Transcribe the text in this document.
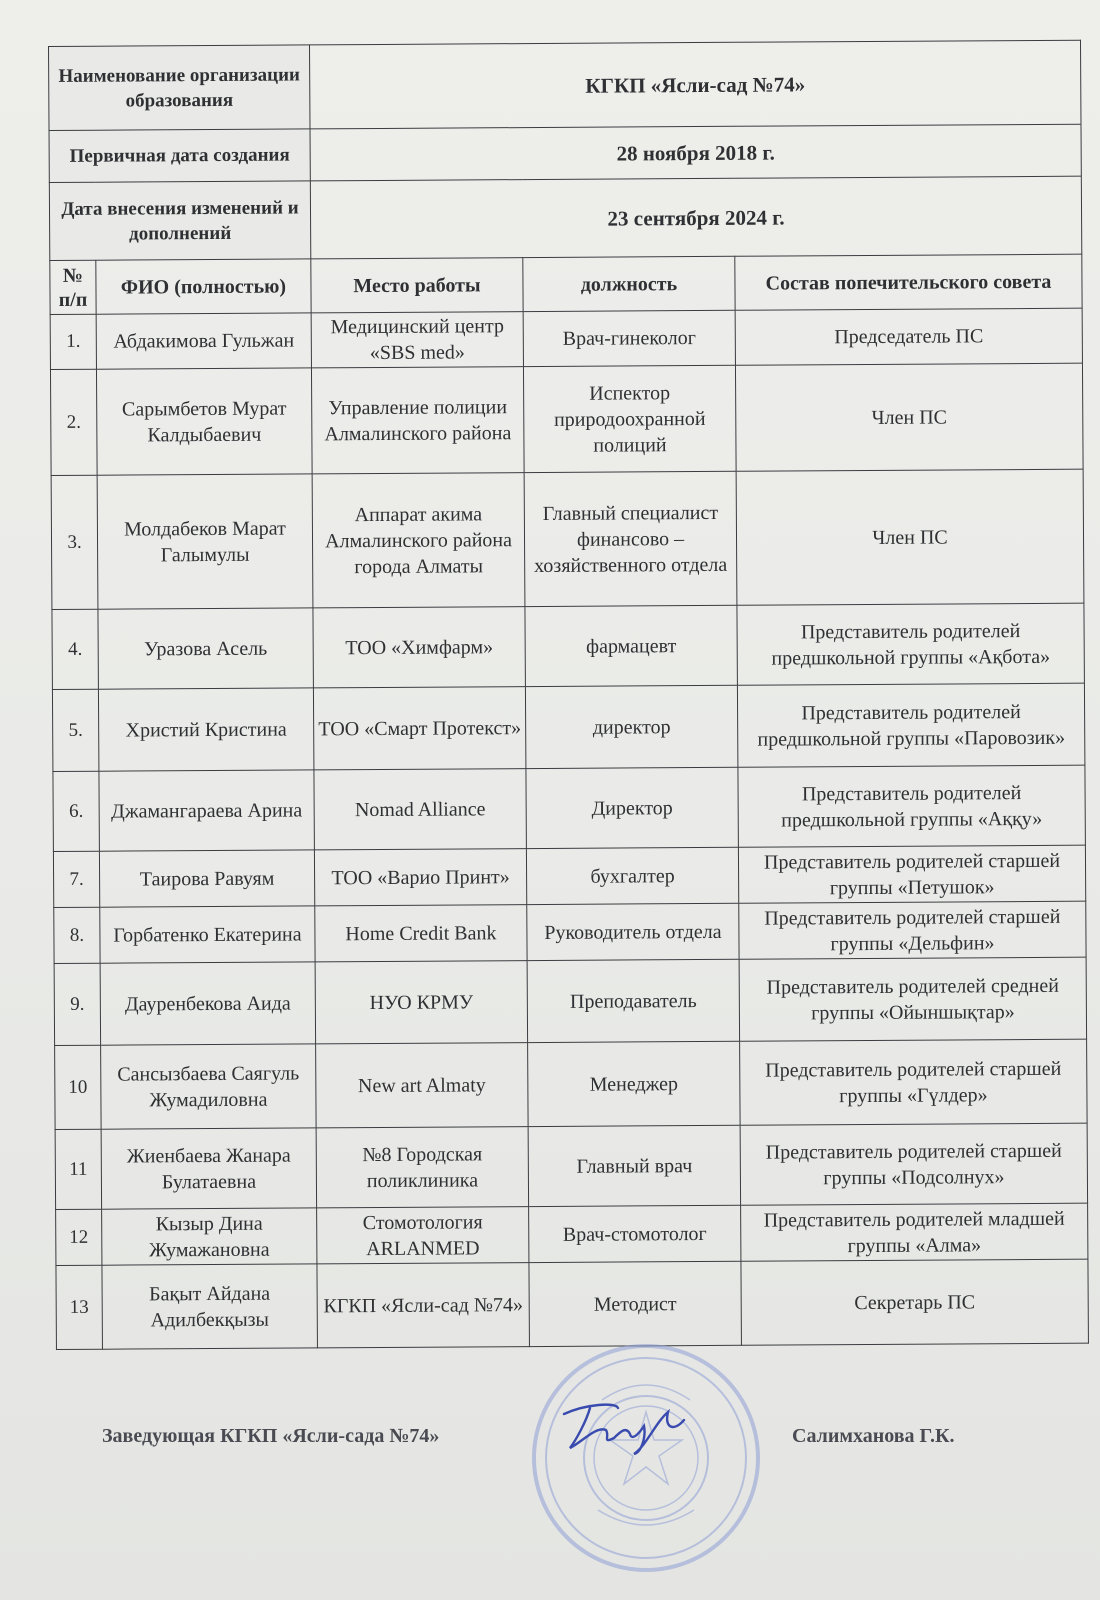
Наименование организации образования		КГКП «Ясли-сад №74»		
Первичная дата создания		28 ноября 2018 г.		
Дата внесения изменений и дополнений		23 сентября 2024 г.		
№ п/п	ФИО (полностью)	Место работы	должность	Состав попечительского совета
1.	Абдакимова Гульжан	Медицинский центр «SBS med»	Врач-гинеколог	Председатель ПС
2.	Сарымбетов Мурат Калдыбаевич	Управление полиции Алмалинского района	Испектор природоохранной полиций	Член ПС
3.	Молдабеков Марат Галымулы	Аппарат акима Алмалинского района города Алматы	Главный специалист финансово – хозяйственного отдела	Член ПС
4.	Уразова Асель	ТОО «Химфарм»	фармацевт	Представитель родителей предшкольной группы «Ақбота»
5.	Христий Кристина	ТОО «Смарт Протекст»	директор	Представитель родителей предшкольной группы «Паровозик»
6.	Джамангараева Арина	Nomad Alliance	Директор	Представитель родителей предшкольной группы «Аққу»
7.	Таирова Равуям	ТОО «Варио Принт»	бухгалтер	Представитель родителей старшей группы «Петушок»
8.	Горбатенко Екатерина	Home Credit Bank	Руководитель отдела	Представитель родителей старшей группы «Дельфин»
9.	Дауренбекова Аида	НУО КРМУ	Преподаватель	Представитель родителей средней группы «Ойыншықтар»
10	Сансызбаева Саягуль Жумадиловна	New art Almaty	Менеджер	Представитель родителей старшей группы «Гүлдер»
11	Жиенбаева Жанара Булатаевна	№8 Городская поликлиника	Главный врач	Представитель родителей старшей группы «Подсолнух»
12	Кызыр Дина Жумажановна	Стомотология ARLANMED	Врач-стомотолог	Представитель родителей младшей группы «Алма»
13	Бақыт Айдана Адилбекқызы	КГКП «Ясли-сад №74»	Методист	Секретарь ПС
Заведующая КГКП «Ясли-сада №74»	Салимханова Г.К.
